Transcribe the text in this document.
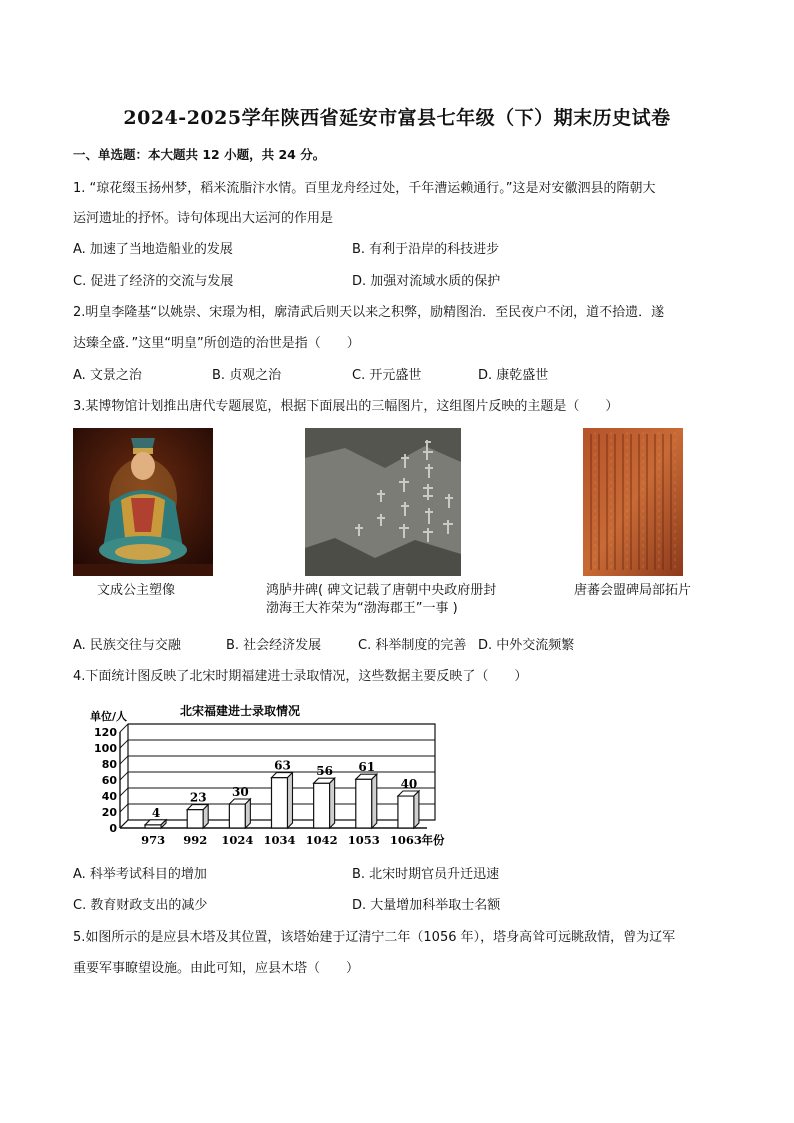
2024-2025学年陕西省延安市富县七年级（下）期末历史试卷
一、单选题：本大题共 12 小题，共 24 分。
1. “琼花缀玉扬州梦，稻米流脂汴水情。百里龙舟经过处，千年漕运赖通行。”这是对安徽泗县的隋朝大
运河遗址的抒怀。诗句体现出大运河的作用是
A. 加速了当地造船业的发展	B. 有利于沿岸的科技进步
C. 促进了经济的交流与发展	D. 加强对流域水质的保护
2.明皇李隆基“以姚崇、宋璟为相，廓清武后则天以来之积弊，励精图治．至民夜户不闭，道不拾遗．遂
达臻全盛．”这里“明皇”所创造的治世是指（　　）
A. 文景之治	B. 贞观之治	C. 开元盛世	D. 康乾盛世
3.某博物馆计划推出唐代专题展览，根据下面展出的三幅图片，这组图片反映的主题是（　　）
文成公主塑像	鸿胪井碑( 碑文记载了唐朝中央政府册封
渤海王大祚荣为“渤海郡王”一事 )
唐蕃会盟碑局部拓片
A. 民族交往与交融	B. 社会经济发展	C. 科举制度的完善 D. 中外交流频繁
4.下面统计图反映了北宋时期福建进士录取情况，这些数据主要反映了（　　）
北宋福建进士录取情况
单位/人
0
20
40
60
80
100
120
4
973
23
992
30
1024
63
1034
56
1042
61
1053
40
1063 年份
A. 科举考试科目的增加	B. 北宋时期官员升迁迅速
C. 教育财政支出的减少	D. 大量增加科举取士名额
5.如图所示的是应县木塔及其位置，该塔始建于辽清宁二年（1056 年），塔身高耸可远眺敌情，曾为辽军
重要军事瞭望设施。由此可知，应县木塔（　　）
